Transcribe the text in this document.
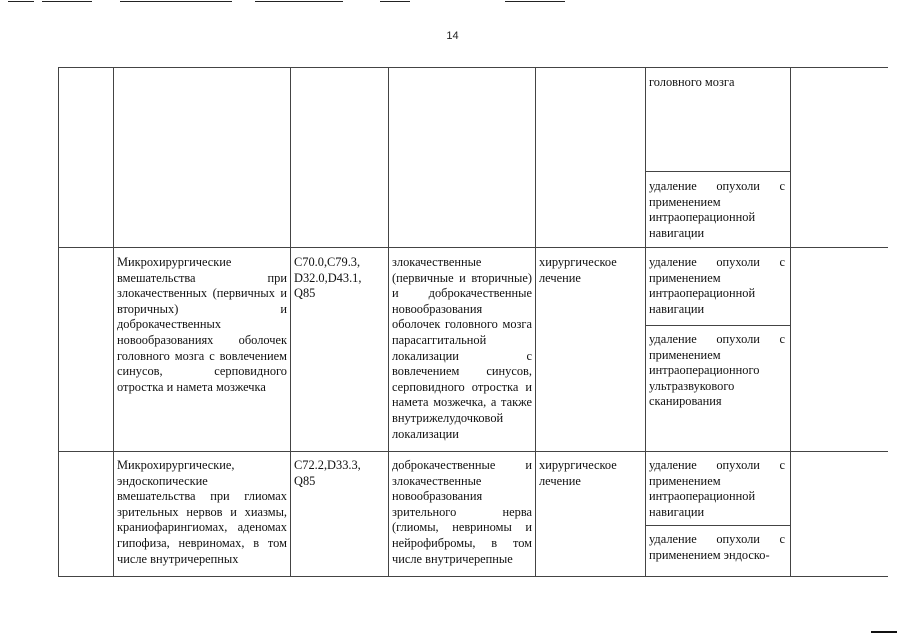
14
головного мозга
удаление опухоли с применением интраоперационной навигации
Микрохирургические вмешательства при злокачественных (первичных и вторичных) и доброкачественных новообразованиях оболочек головного мозга с вовлечением синусов, серповидного отростка и намета мозжечка
C70.0,C79.3, D32.0,D43.1, Q85
злокачественные (первичные и вторичные) и доброкачественные новообразования оболочек головного мозга парасаггитальной локализации с вовлечением синусов, серповидного отростка и намета мозжечка, а также внутрижелудочковой локализации
хирургическое лечение
удаление опухоли с применением интраоперационной навигации
удаление опухоли с применением интраоперационного ультразвукового сканирования
Микрохирургические, эндоскопические вмешательства при глиомах зрительных нервов и хиазмы, краниофарингиомах, аденомах гипофиза, невриномах, в том числе внутричерепных
C72.2,D33.3, Q85
доброкачественные и злокачественные новообразования зрительного нерва (глиомы, невриномы и нейрофибромы, в том числе внутричерепные
хирургическое лечение
удаление опухоли с применением интраоперационной навигации
удаление опухоли с применением эндоско-
